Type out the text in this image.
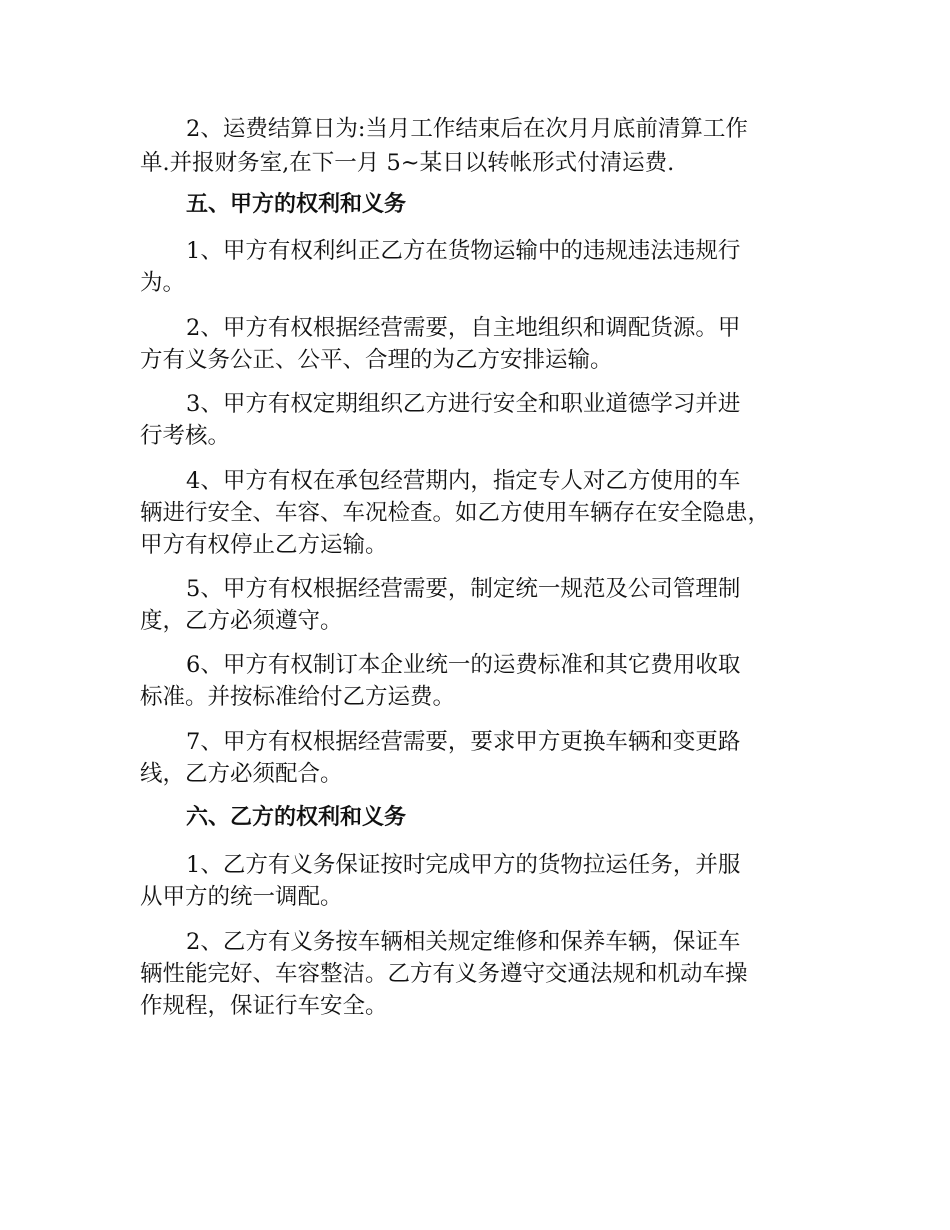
2、运费结算日为:当月工作结束后在次月月底前清算工作
单.并报财务室,在下一月 5~某日以转帐形式付清运费.
五、甲方的权利和义务
1、甲方有权利纠正乙方在货物运输中的违规违法违规行
为。
2、甲方有权根据经营需要，自主地组织和调配货源。甲
方有义务公正、公平、合理的为乙方安排运输。
3、甲方有权定期组织乙方进行安全和职业道德学习并进
行考核。
4、甲方有权在承包经营期内，指定专人对乙方使用的车
辆进行安全、车容、车况检查。如乙方使用车辆存在安全隐患，
甲方有权停止乙方运输。
5、甲方有权根据经营需要，制定统一规范及公司管理制
度，乙方必须遵守。
6、甲方有权制订本企业统一的运费标准和其它费用收取
标准。并按标准给付乙方运费。
7、甲方有权根据经营需要，要求甲方更换车辆和变更路
线，乙方必须配合。
六、乙方的权利和义务
1、乙方有义务保证按时完成甲方的货物拉运任务，并服
从甲方的统一调配。
2、乙方有义务按车辆相关规定维修和保养车辆，保证车
辆性能完好、车容整洁。乙方有义务遵守交通法规和机动车操
作规程，保证行车安全。
